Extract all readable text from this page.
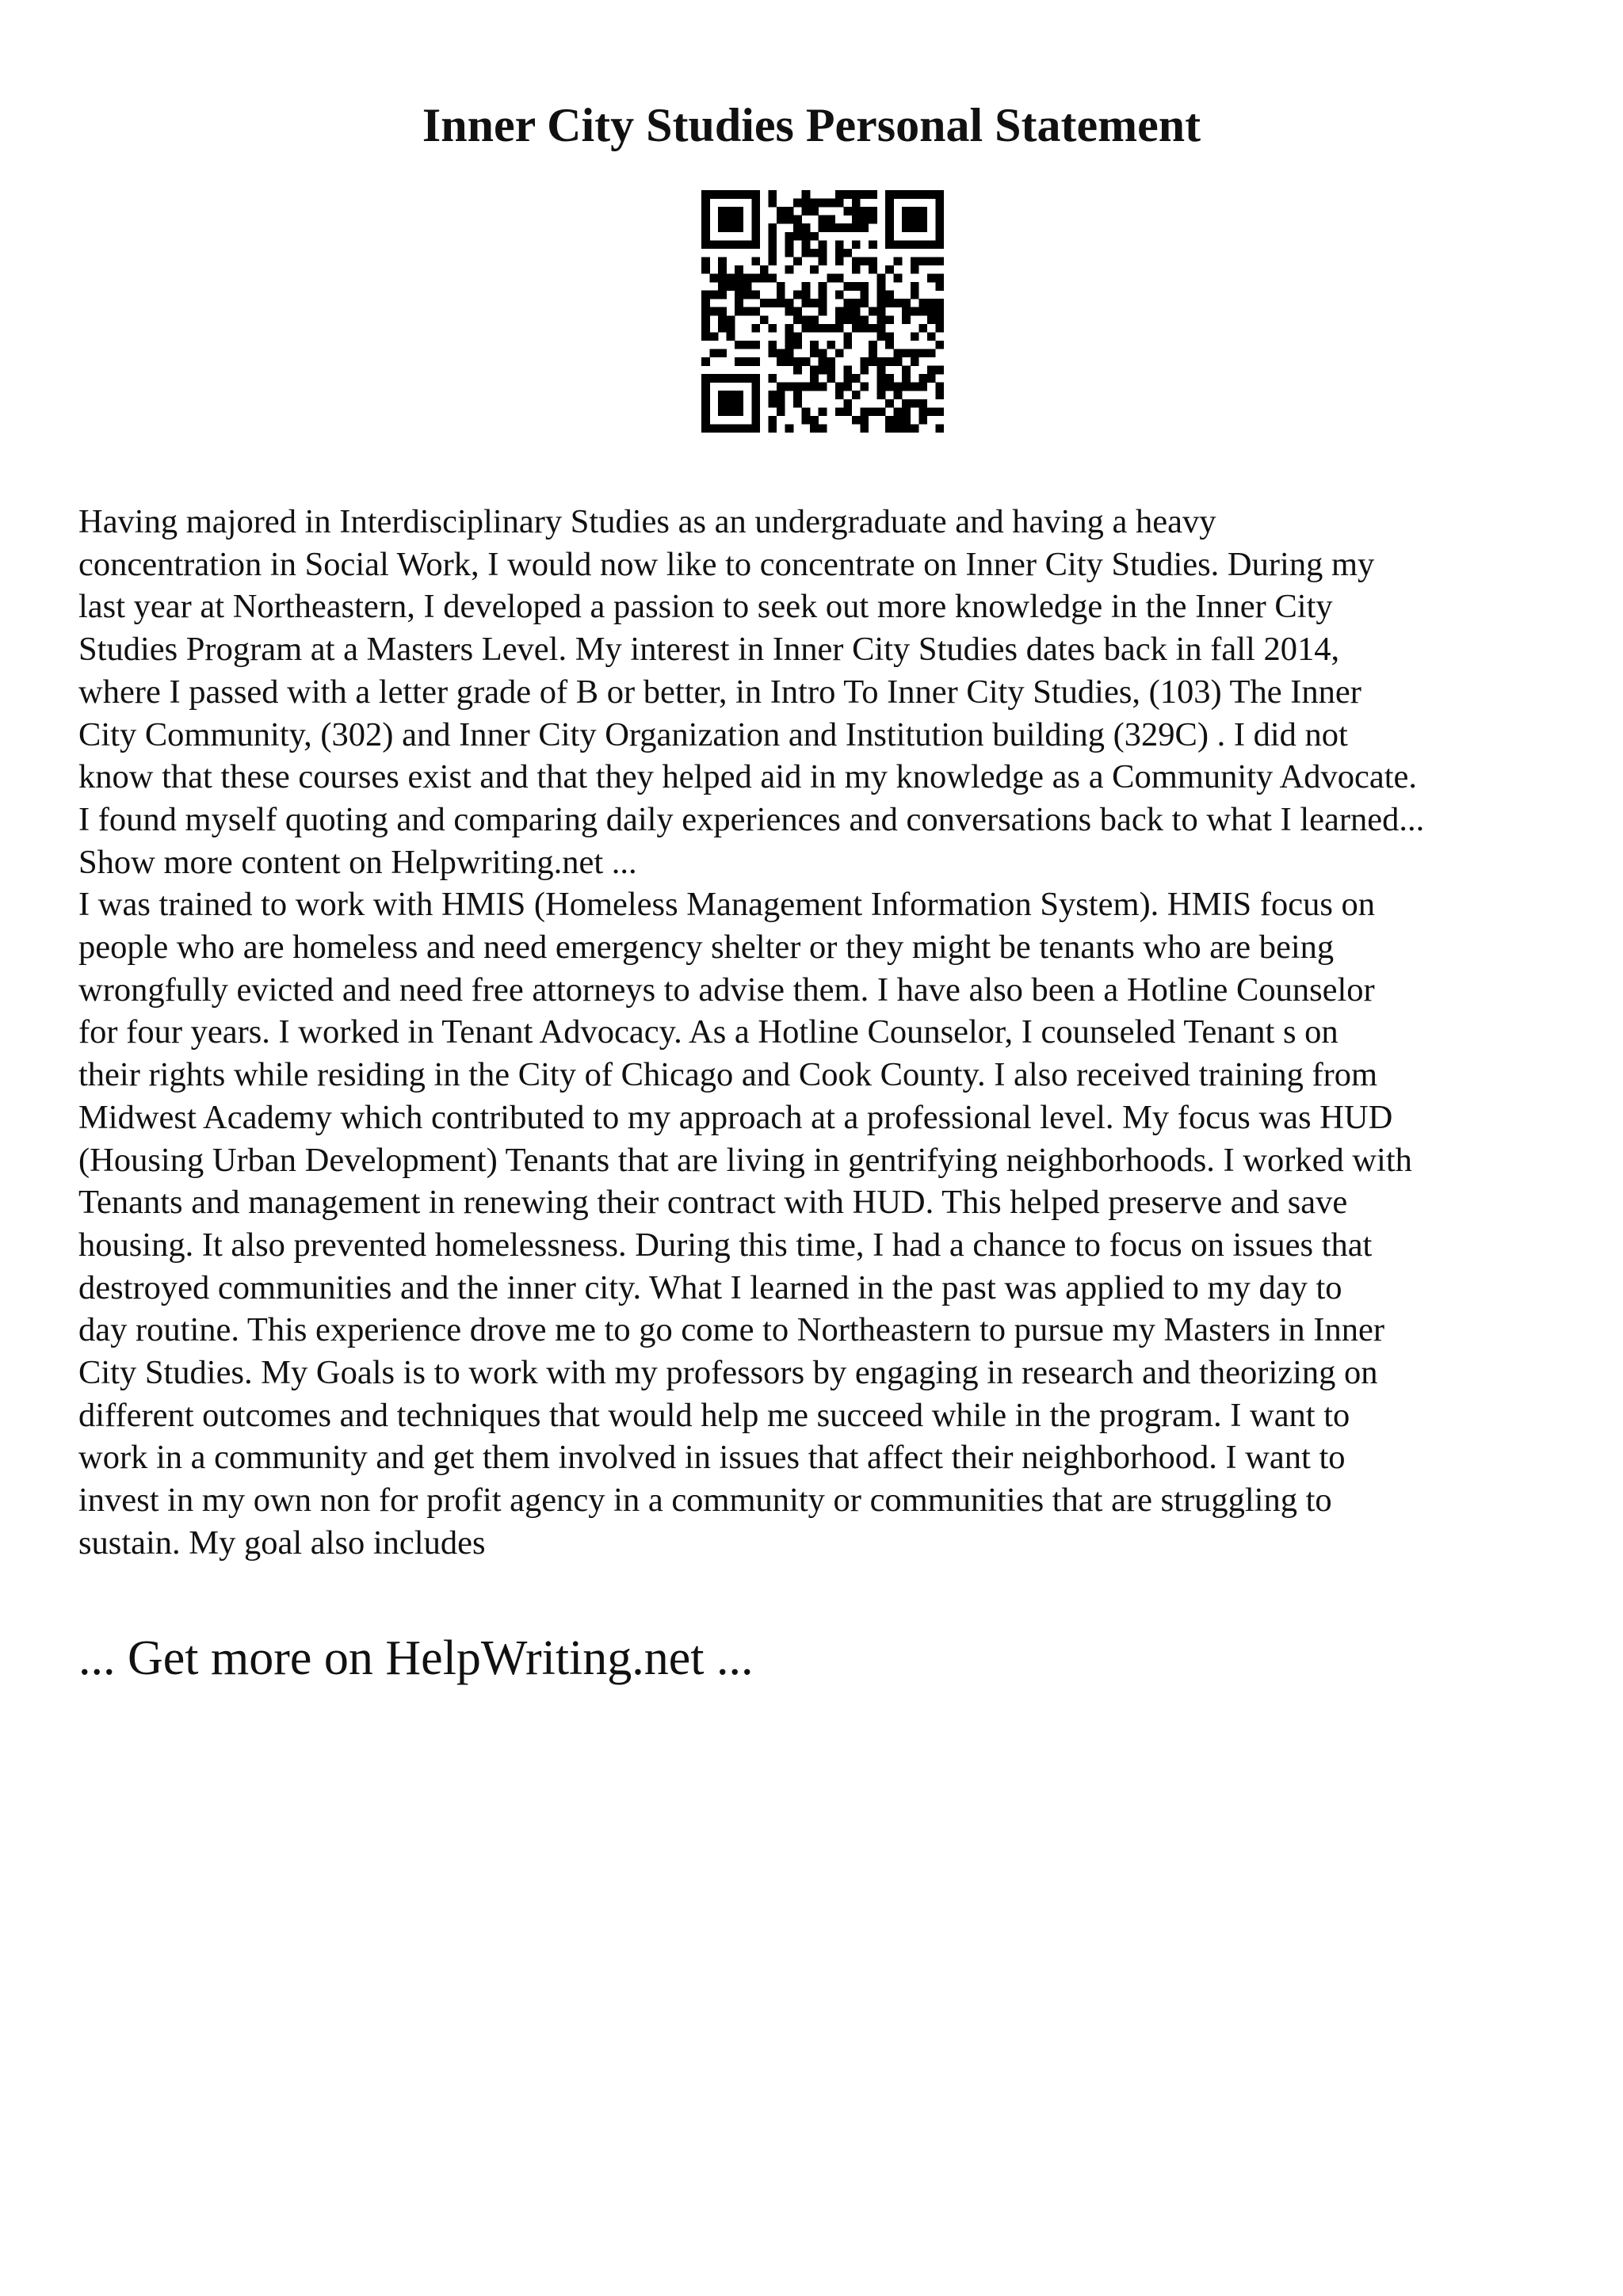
Inner City Studies Personal Statement
Having majored in Interdisciplinary Studies as an undergraduate and having a heavy
concentration in Social Work, I would now like to concentrate on Inner City Studies. During my
last year at Northeastern, I developed a passion to seek out more knowledge in the Inner City
Studies Program at a Masters Level. My interest in Inner City Studies dates back in fall 2014,
where I passed with a letter grade of B or better, in Intro To Inner City Studies, (103) The Inner
City Community, (302) and Inner City Organization and Institution building (329C) . I did not
know that these courses exist and that they helped aid in my knowledge as a Community Advocate.
I found myself quoting and comparing daily experiences and conversations back to what I learned...
Show more content on Helpwriting.net ...
I was trained to work with HMIS (Homeless Management Information System). HMIS focus on
people who are homeless and need emergency shelter or they might be tenants who are being
wrongfully evicted and need free attorneys to advise them. I have also been a Hotline Counselor
for four years. I worked in Tenant Advocacy. As a Hotline Counselor, I counseled Tenant s on
their rights while residing in the City of Chicago and Cook County. I also received training from
Midwest Academy which contributed to my approach at a professional level. My focus was HUD
(Housing Urban Development) Tenants that are living in gentrifying neighborhoods. I worked with
Tenants and management in renewing their contract with HUD. This helped preserve and save
housing. It also prevented homelessness. During this time, I had a chance to focus on issues that
destroyed communities and the inner city. What I learned in the past was applied to my day to
day routine. This experience drove me to go come to Northeastern to pursue my Masters in Inner
City Studies. My Goals is to work with my professors by engaging in research and theorizing on
different outcomes and techniques that would help me succeed while in the program. I want to
work in a community and get them involved in issues that affect their neighborhood. I want to
invest in my own non for profit agency in a community or communities that are struggling to
sustain. My goal also includes
... Get more on HelpWriting.net ...
